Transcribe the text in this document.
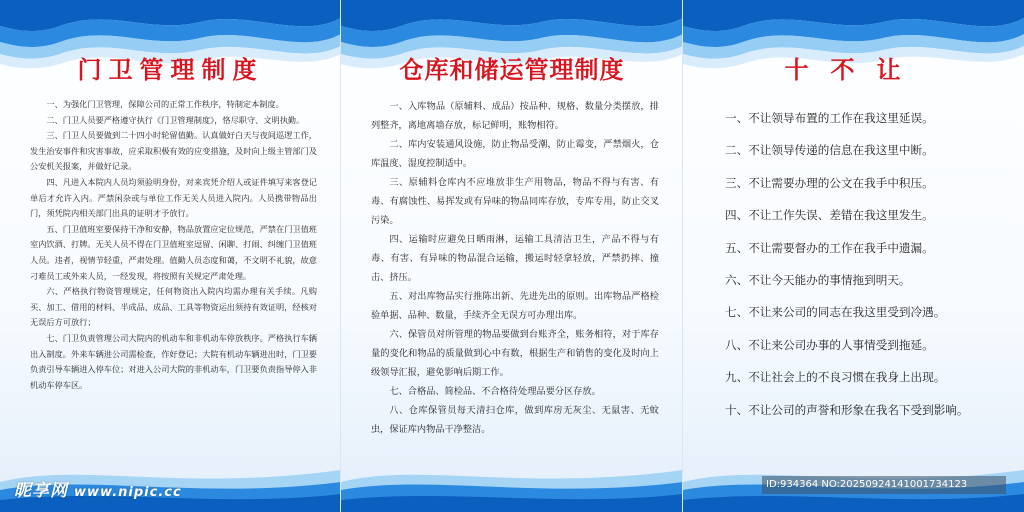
门卫管理制度

一、为强化门卫管理，保障公司的正常工作秩序，特制定本制度。

二、门卫人员要严格遵守执行《门卫管理制度》，恪尽职守、文明执勤。

三、门卫人员要做到二十四小时轮留值勤。认真做好白天与夜间巡逻工作，发生治安事件和灾害事故，应采取积极有效的应变措施，及时向上级主管部门及公安机关报案，并做好记录。

四、凡进入本院内人员均须验明身份，对来宾凭介绍人或证件填写来客登记单后才允许入内。严禁闲杂或与单位工作无关人员进入院内。人员携带物品出门，须凭院内相关部门出具的证明才予放行。

五、门卫值班室要保持干净和安静，物品放置应定位规范，严禁在门卫值班室内饮酒、打牌。无关人员不得在门卫值班室逗留、闲聊、打闹、纠缠门卫值班人员。违者，视情节轻重，严肃处理。值勤人员态度和蔼，不文明不礼貌，故意刁难员工或外来人员，一经发现，将按照有关规定严肃处理。

六、严格执行物资管理规定，任何物资出入院内均需办理有关手续。凡购买、加工、借用的材料、半成品、成品、工具等物资运出须持有效证明，经核对无误后方可放行；

七、门卫负责管理公司大院内的机动车和非机动车停放秩序。严格执行车辆出入制度。外来车辆进公司需检查，作好登记；大院有机动车辆进出时，门卫要负责引导车辆进入停车位；对进入公司大院的非机动车，门卫要负责指导停入非机动车停车区。

仓库和储运管理制度

一、入库物品（原辅料、成品）按品种、规格、数量分类摆放，排列整齐，离地离墙存放，标记鲜明，账物相符。

二、库内安装通风设施，防止物品受潮，防止霉变，严禁烟火，仓库温度、湿度控制适中。

三、原辅料仓库内不应堆放非生产用物品，物品不得与有害、有毒、有腐蚀性、易挥发或有异味的物品同库存放，专库专用，防止交叉污染。

四、运输时应避免日晒雨淋，运输工具清洁卫生，产品不得与有毒、有害、有异味的物品混合运输，搬运时轻拿轻放，严禁扔摔、撞击、挤压。

五、对出库物品实行推陈出新、先进先出的原则。出库物品严格检验单据、品种、数量，手续齐全无误方可办理出库。

六、保管员对所管理的物品要做到台账齐全，账务相符，对于库存量的变化和物品的质量做到心中有数，根据生产和销售的变化及时向上级领导汇报，避免影响后期工作。

七、合格品、简检品、不合格待处理品要分区存放。

八、仓库保管员每天清扫仓库，做到库房无灰尘、无鼠害、无蚊虫，保证库内物品干净整洁。

十不让
一、不让领导布置的工作在我这里延误。
二、不让领导传递的信息在我这里中断。
三、不让需要办理的公文在我手中积压。
四、不让工作失误、差错在我这里发生。
五、不让需要督办的工作在我手中遗漏。
六、不让今天能办的事情拖到明天。
七、不让来公司的同志在我这里受到冷遇。
八、不让来公司办事的人事情受到拖延。
九、不让社会上的不良习惯在我身上出现。
十、不让公司的声誉和形象在我名下受到影响。
昵享网 www.nipic.cc
ID:934364 NO:20250924141001734123
